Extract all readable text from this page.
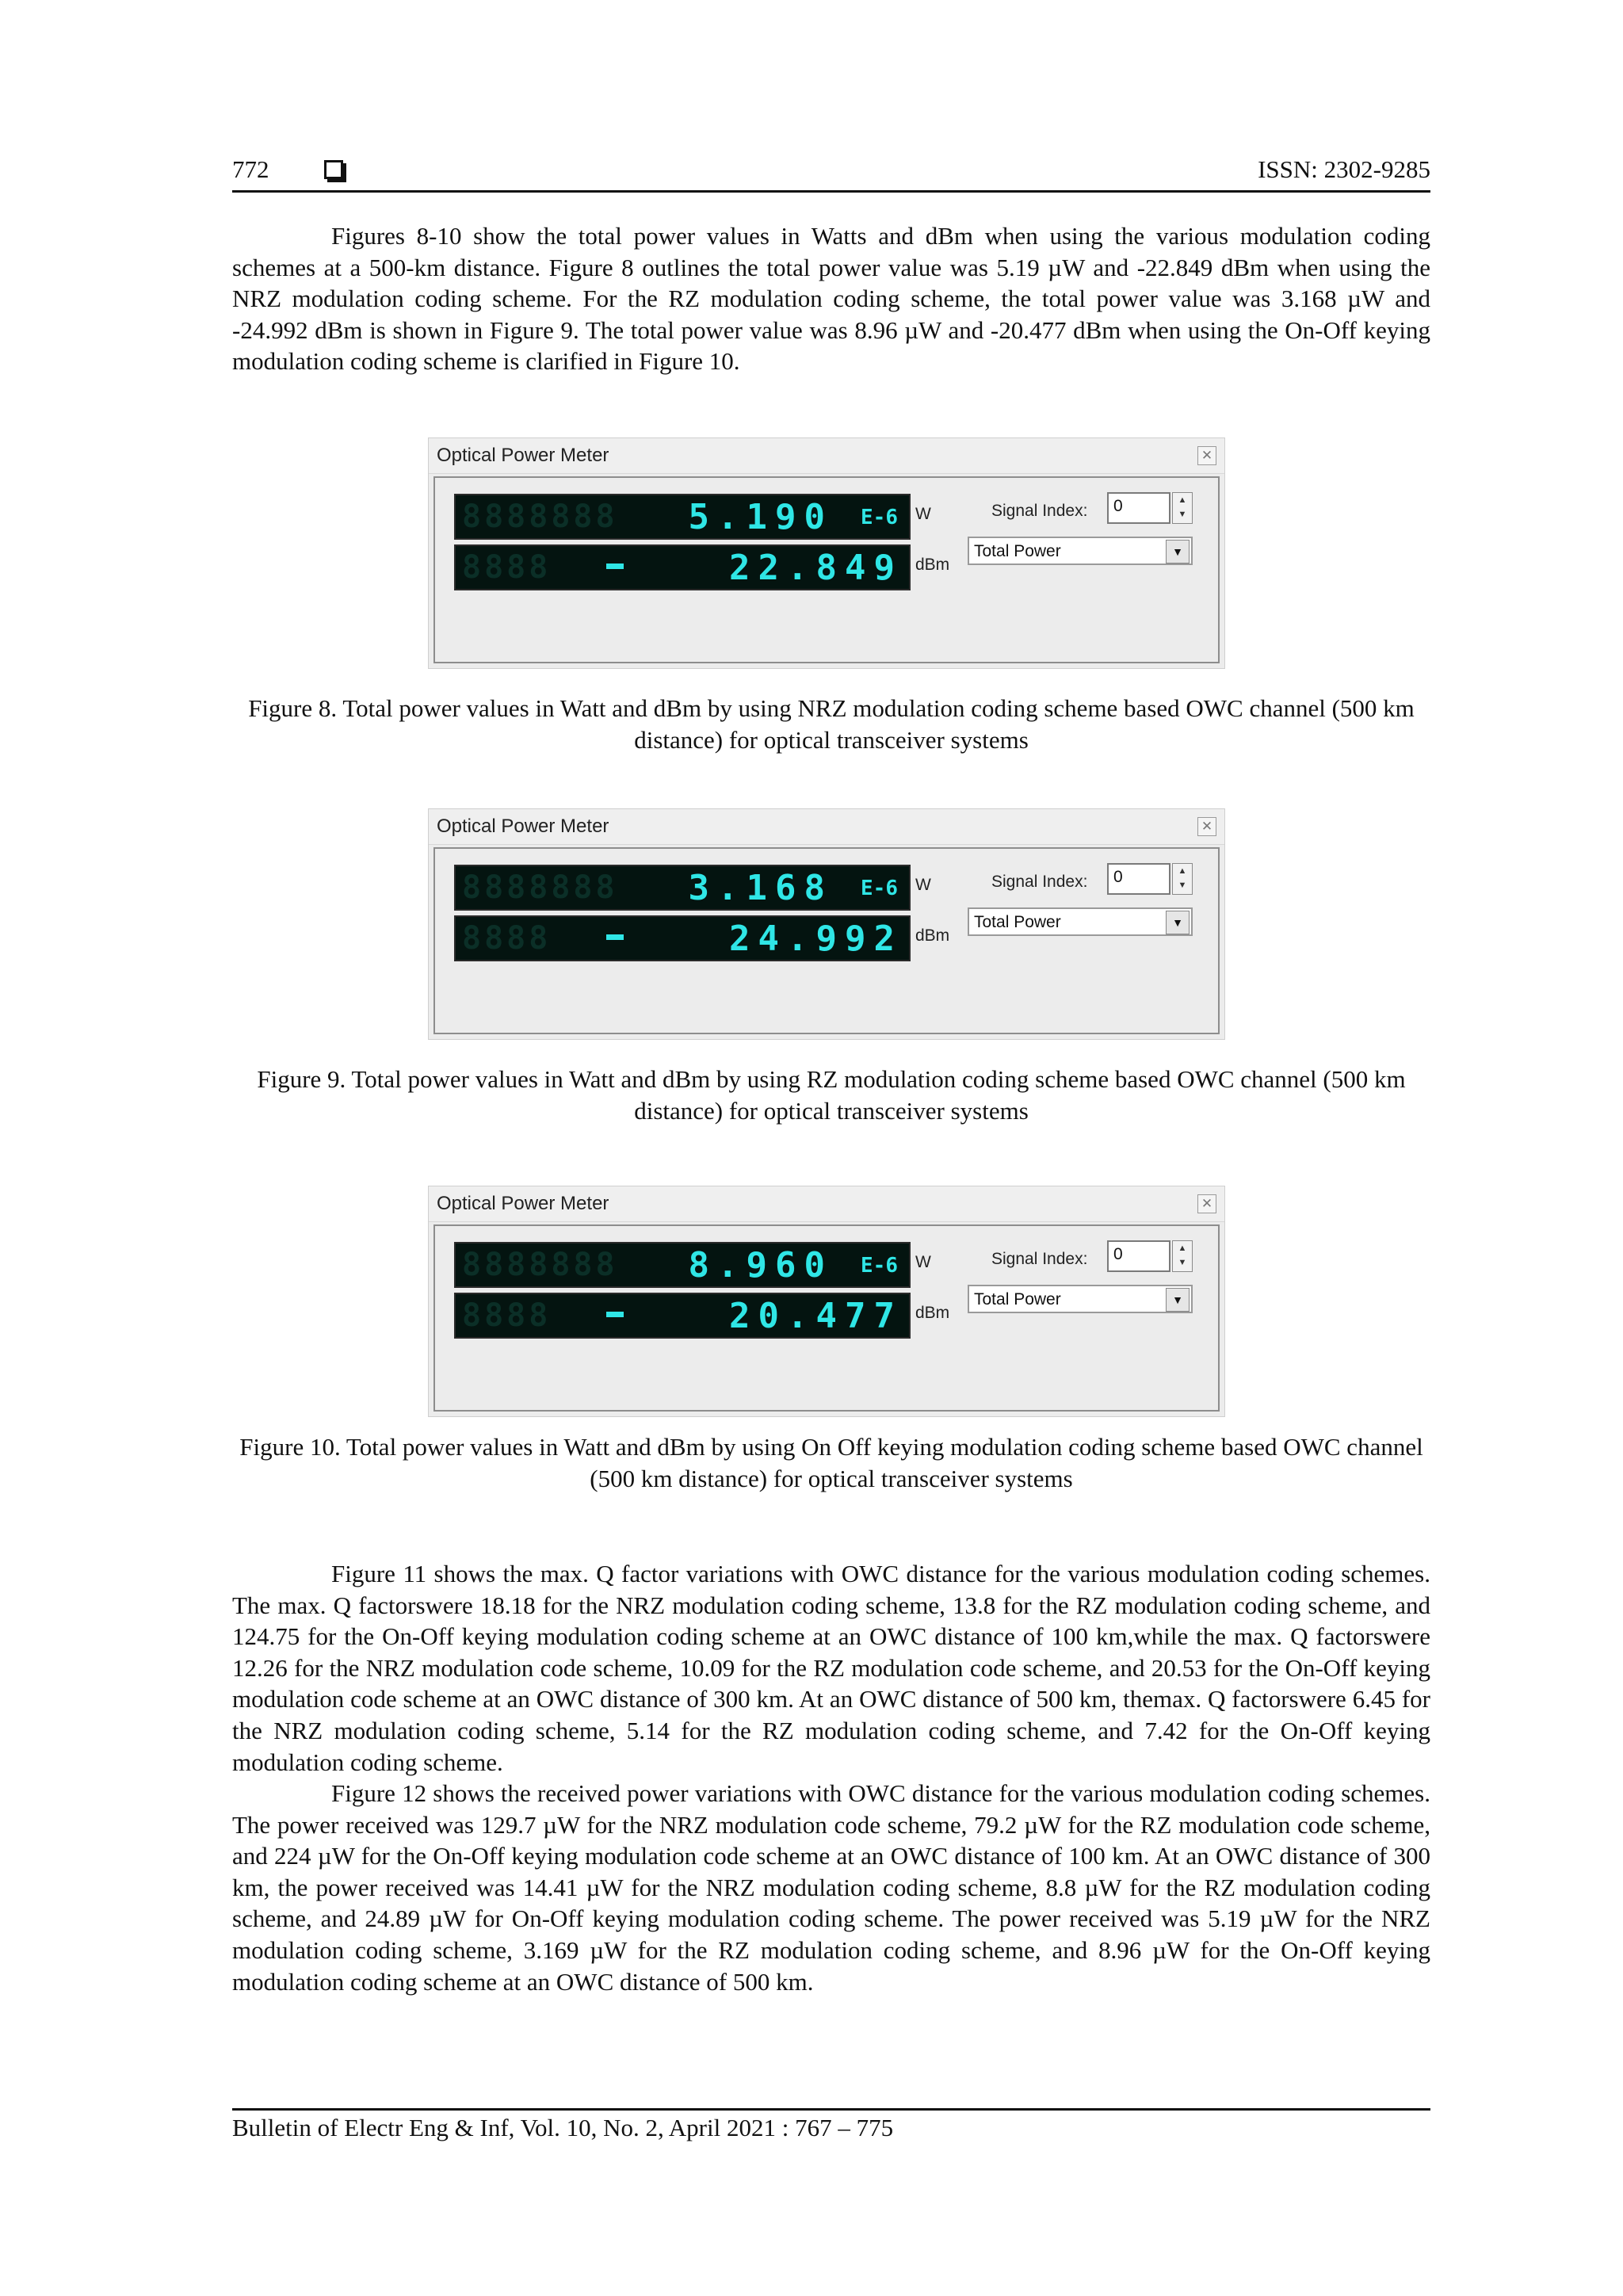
772	ISSN: 2302-9285

Figures 8-10 show the total power values in Watts and dBm when using the various modulation coding schemes at a 500-km distance. Figure 8 outlines the total power value was 5.19 µW and -22.849 dBm when using the NRZ modulation coding scheme. For the RZ modulation coding scheme, the total power value was 3.168 µW and -24.992 dBm is shown in Figure 9. The total power value was 8.96 µW and -20.477 dBm when using the On-Off keying modulation coding scheme is clarified in Figure 10.

Optical Power Meter	✕
8888888 5.190 E-6 W
8888	22.849 dBm
Signal Index:	0	▲
▼
Total Power	▼
Figure 8. Total power values in Watt and dBm by using NRZ modulation coding scheme based OWC channel (500 km distance) for optical transceiver systems
Optical Power Meter	✕
8888888 3.168 E-6 W
8888	24.992 dBm
Signal Index:	0	▲
▼
Total Power	▼
Figure 9. Total power values in Watt and dBm by using RZ modulation coding scheme based OWC channel (500 km distance) for optical transceiver systems
Optical Power Meter	✕
8888888 8.960 E-6 W
8888	20.477 dBm
Signal Index:	0	▲
▼
Total Power	▼
Figure 10. Total power values in Watt and dBm by using On Off keying modulation coding scheme based OWC channel (500 km distance) for optical transceiver systems

Figure 11 shows the max. Q factor variations with OWC distance for the various modulation coding schemes. The max. Q factorswere 18.18 for the NRZ modulation coding scheme, 13.8 for the RZ modulation coding scheme, and 124.75 for the On-Off keying modulation coding scheme at an OWC distance of 100 km,while the max. Q factorswere 12.26 for the NRZ modulation code scheme, 10.09 for the RZ modulation code scheme, and 20.53 for the On-Off keying modulation code scheme at an OWC distance of 300 km. At an OWC distance of 500 km, themax. Q factorswere 6.45 for the NRZ modulation coding scheme, 5.14 for the RZ modulation coding scheme, and 7.42 for the On-Off keying modulation coding scheme.

Figure 12 shows the received power variations with OWC distance for the various modulation coding schemes. The power received was 129.7 µW for the NRZ modulation code scheme, 79.2 µW for the RZ modulation code scheme, and 224 µW for the On-Off keying modulation code scheme at an OWC distance of 100 km. At an OWC distance of 300 km, the power received was 14.41 µW for the NRZ modulation coding scheme, 8.8 µW for the RZ modulation coding scheme, and 24.89 µW for On-Off keying modulation coding scheme. The power received was 5.19 µW for the NRZ modulation coding scheme, 3.169 µW for the RZ modulation coding scheme, and 8.96 µW for the On-Off keying modulation coding scheme at an OWC distance of 500 km.

Bulletin of Electr Eng & Inf, Vol. 10, No. 2, April 2021 : 767 – 775
